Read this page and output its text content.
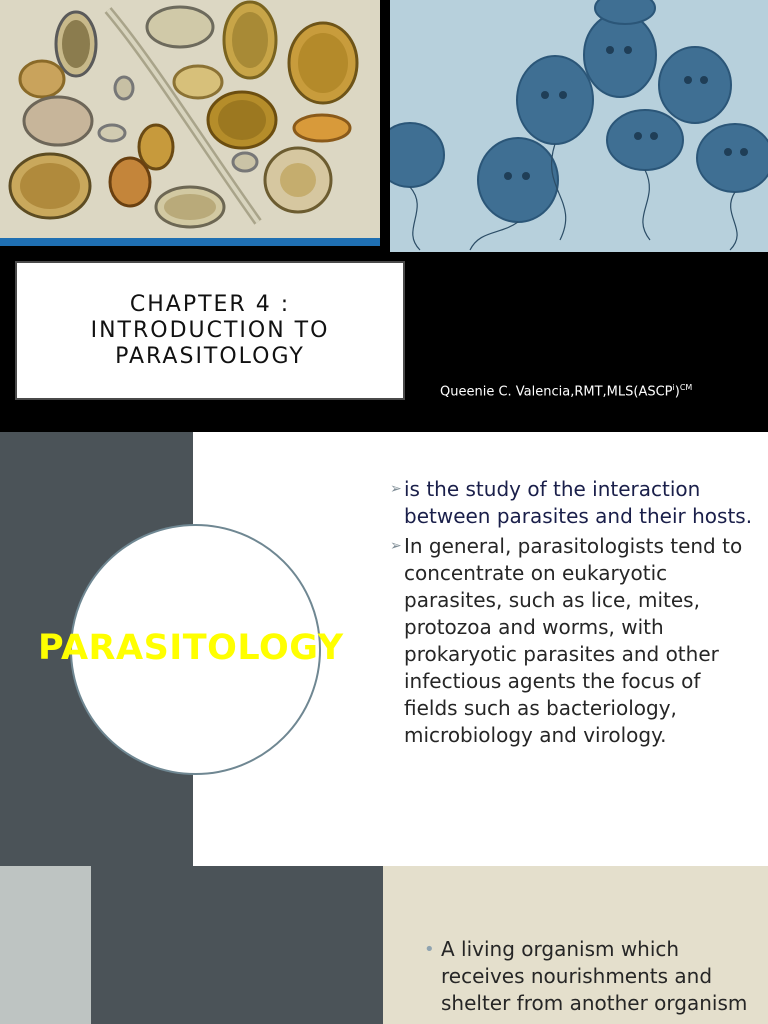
CHAPTER 4 :
INTRODUCTION TO
PARASITOLOGY
Queenie C. Valencia,RMT,MLS(ASCP$^i$)$^{CM}$
PARASITOLOGY
➢ is the study of the interaction between parasites and their hosts.
➢ In general, parasitologists tend to concentrate on eukaryotic parasites, such as lice, mites, protozoa and worms, with prokaryotic parasites and other infectious agents the focus of fields such as bacteriology, microbiology and virology.
• A living organism which receives nourishments and shelter from another organism
